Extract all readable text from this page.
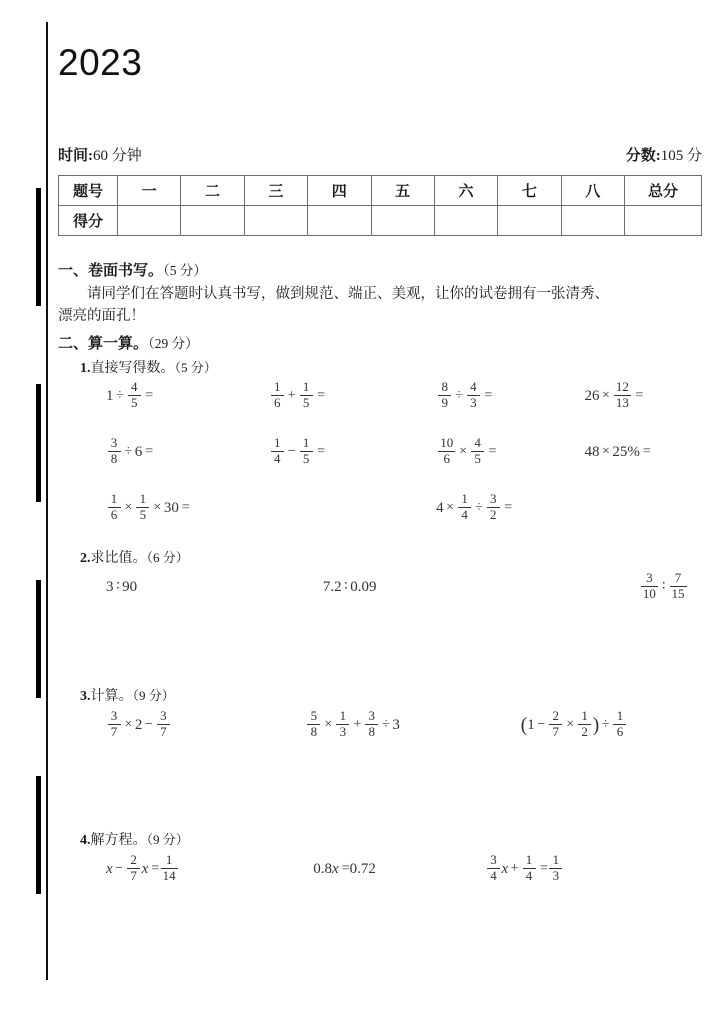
2023
时间:60 分钟	分数:105 分
题号	一	二	三	四	五	六	七	八	总分
得分									

一、卷面书写。（5 分）

请同学们在答题时认真书写，做到规范、端正、美观，让你的试卷拥有一张清秀、

漂亮的面孔！

二、算一算。（29 分）

1.直接写得数。（5 分）

$1 \div \frac{4}{5}$ =	$\frac{1}{6} + \frac{1}{5}$ =	$\frac{8}{9} \div \frac{4}{3}$ =	$26 \times \frac{12}{13}$ =
$\frac{3}{8} \div 6$ =	$\frac{1}{4} - \frac{1}{5}$ =	$\frac{10}{6} \times \frac{4}{5}$ =	48 × 25% =
$\frac{1}{6} \times \frac{1}{5} \times 30$ =	$4 \times \frac{1}{4} \div \frac{3}{2}$ =

2.求比值。（6 分）

3 ∶ 90	7.2 ∶ 0.09	$\frac{3}{10}$ ∶ $\frac{7}{15}$

3.计算。（9 分）

$\frac{3}{7} \times 2 - \frac{3}{7}$	$\frac{5}{8} \times \frac{1}{3} + \frac{3}{8} \div 3$	( $1 - \frac{2}{7} \times \frac{1}{2}$ ) ÷ $\frac{1}{6}$

4.解方程。（9 分）

$x - \frac{2}{7}$ $x = \frac{1}{14}$	0.8 x = 0.72	$\frac{3}{4}$ $x + \frac{1}{4} = \frac{1}{3}$
